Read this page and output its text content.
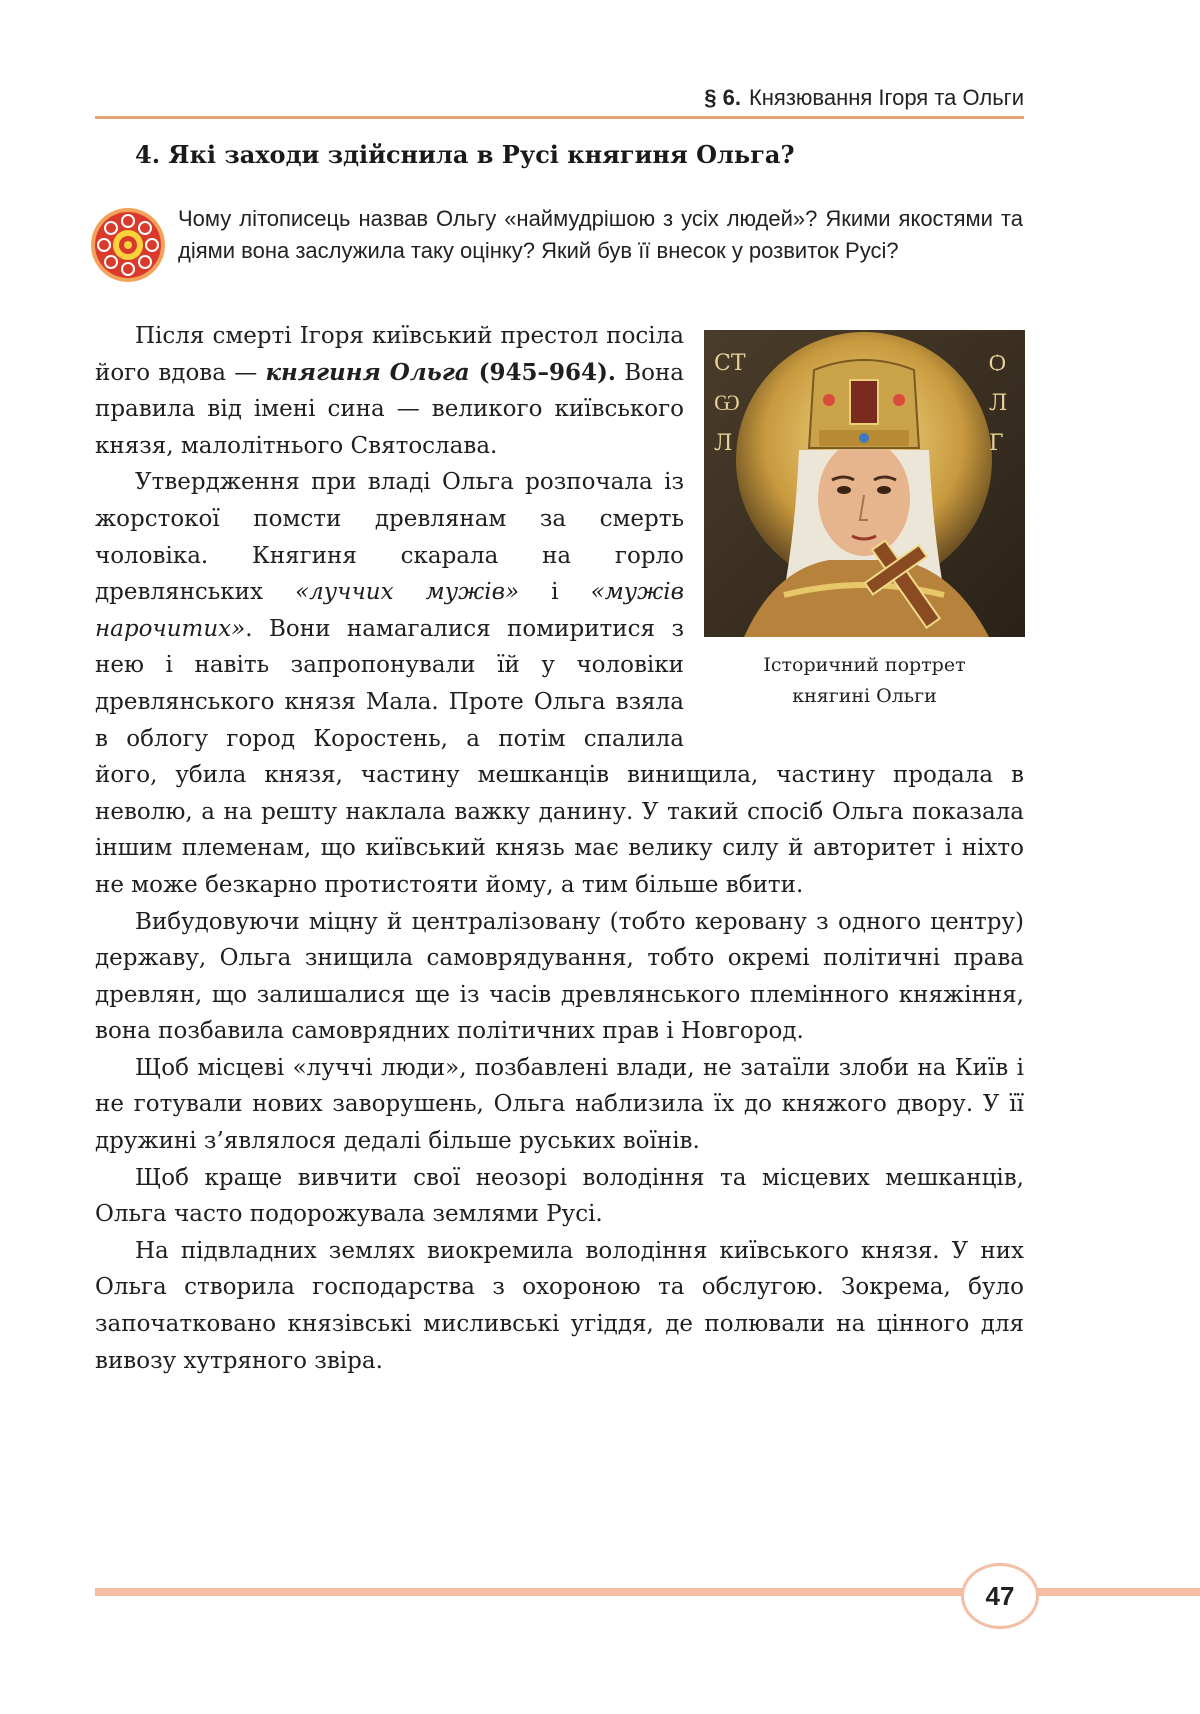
§ 6. Князювання Ігоря та Ольги
4. Які заходи здійснила в Русі княгиня Ольга?
Чому літописець назвав Ольгу «наймудрішою з усіх людей»? Якими якостями та діями вона заслужила таку оцінку? Який був її внесок у розвиток Русі?

Після смерті Ігоря київський престол посіла його вдова — княгиня Ольга (945–964). Вона правила від імені сина — великого київського князя, малолітнього Святослава.

Утвердження при владі Ольга розпочала із жорстокої помсти древлянам за смерть чоловіка. Княгиня скарала на горло древлянських «луччих мужів» і «мужів нарочитих». Вони намагалися помиритися з нею і навіть запропонували їй у чоловіки древлянського князя Мала. Проте Ольга взяла в облогу город Коростень, а потім спалила його, убила князя, частину мешканців винищила, частину продала в неволю, а на решту наклала важку данину. У такий спосіб Ольга показала іншим племенам, що київський князь має велику силу й авторитет і ніхто не може безкарно протистояти йому, а тим більше вбити.

Вибудовуючи міцну й централізовану (тобто керовану з одного центру) державу, Ольга знищила самоврядування, тобто окремі політичні права древлян, що залишалися ще із часів древлянського племінного княжіння, вона позбавила самоврядних політичних прав і Новгород.

Щоб місцеві «луччі люди», позбавлені влади, не затаїли злоби на Київ і не готували нових заворушень, Ольга наблизила їх до княжого двору. У її дружині з’являлося дедалі більше руських воїнів.

Щоб краще вивчити свої неозорі володіння та місцевих мешканців, Ольга часто подорожувала землями Русі.

На підвладних землях виокремила володіння київського князя. У них Ольга створила господарства з охороною та обслугою. Зокрема, було започатковано князівські мисливські угіддя, де полювали на цінного для вивозу хутряного звіра.

СТ
Ѡ
Л
Ѻ
Л
Г
Історичний портрет
княгині Ольги
47
